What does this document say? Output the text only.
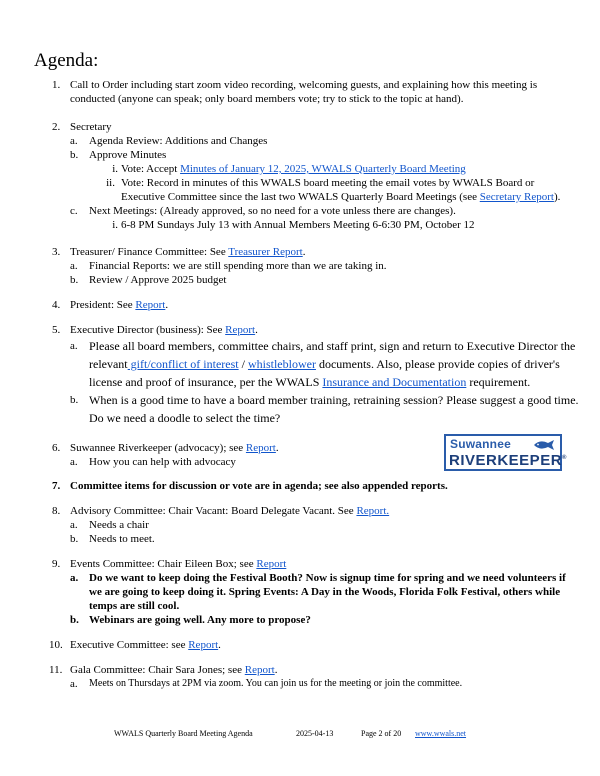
Agenda:
1. Call to Order including start zoom video recording, welcoming guests, and explaining how this meeting is conducted (anyone can speak; only board members vote; try to stick to the topic at hand).
2. Secretary
a. Agenda Review: Additions and Changes
b. Approve Minutes
i. Vote: Accept Minutes of January 12, 2025, WWALS Quarterly Board Meeting
ii. Vote: Record in minutes of this WWALS board meeting the email votes by WWALS Board or Executive Committee since the last two WWALS Quarterly Board Meetings (see Secretary Report).
c. Next Meetings: (Already approved, so no need for a vote unless there are changes).
i. 6-8 PM Sundays July 13 with Annual Members Meeting 6-6:30 PM, October 12
3. Treasurer/ Finance Committee: See Treasurer Report.
a. Financial Reports: we are still spending more than we are taking in.
b. Review / Approve 2025 budget
4. President: See Report.
5. Executive Director (business): See Report.
a. Please all board members, committee chairs, and staff print, sign and return to Executive Director the relevant gift/conflict of interest / whistleblower documents. Also, please provide copies of driver's license and proof of insurance, per the WWALS Insurance and Documentation requirement.
b. When is a good time to have a board member training, retraining session? Please suggest a good time. Do we need a doodle to select the time?
6. Suwannee Riverkeeper (advocacy); see Report.
a. How you can help with advocacy
7. Committee items for discussion or vote are in agenda; see also appended reports.
8. Advisory Committee: Chair Vacant: Board Delegate Vacant. See Report.
a. Needs a chair
b. Needs to meet.
9. Events Committee: Chair Eileen Box; see Report
a. Do we want to keep doing the Festival Booth? Now is signup time for spring and we need volunteers if we are going to keep doing it. Spring Events: A Day in the Woods, Florida Folk Festival, others while temps are still cool.
b. Webinars are going well. Any more to propose?
10. Executive Committee: see Report.
11. Gala Committee: Chair Sara Jones; see Report.
a. Meets on Thursdays at 2PM via zoom. You can join us for the meeting or join the committee.
Suwannee
RIVERKEEPER®
WWALS Quarterly Board Meeting Agenda	2025-04-13	Page 2 of 20 www.wwals.net
